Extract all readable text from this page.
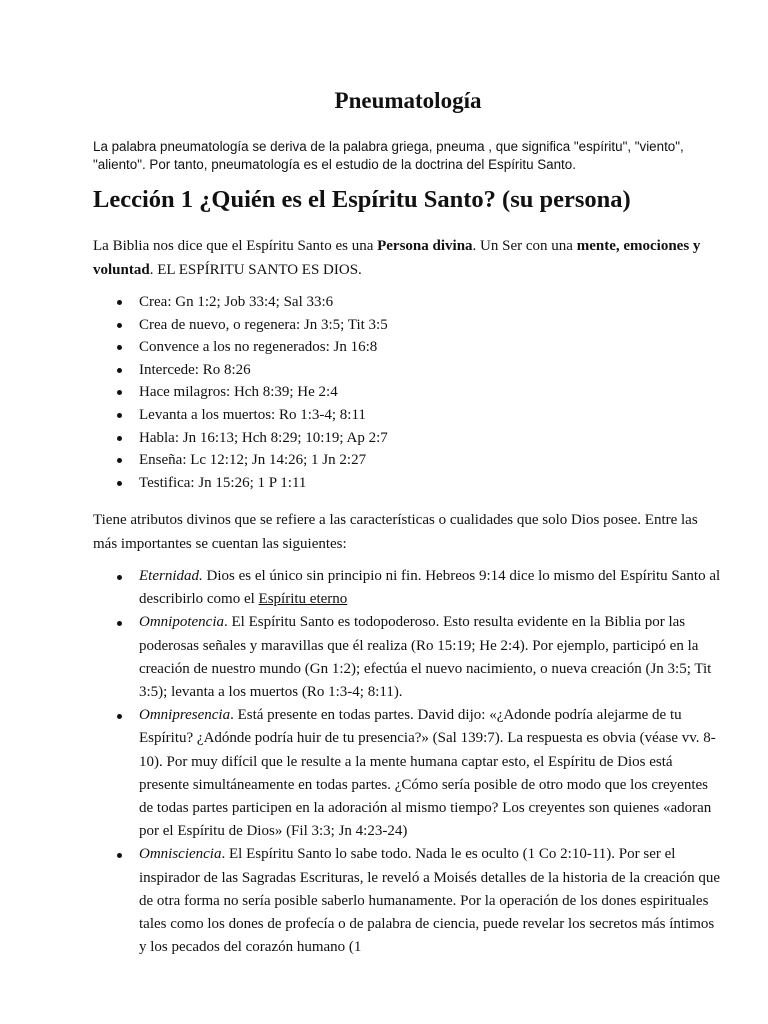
Pneumatología

La palabra pneumatología se deriva de la palabra griega, pneuma , que significa "espíritu", "viento", "aliento". Por tanto, pneumatología es el estudio de la doctrina del Espíritu Santo.

Lección 1 ¿Quién es el Espíritu Santo? (su persona)

La Biblia nos dice que el Espíritu Santo es una Persona divina. Un Ser con una mente, emociones y voluntad. EL ESPÍRITU SANTO ES DIOS.

Crea: Gn 1:2; Job 33:4; Sal 33:6
Crea de nuevo, o regenera: Jn 3:5; Tit 3:5
Convence a los no regenerados: Jn 16:8
Intercede: Ro 8:26
Hace milagros: Hch 8:39; He 2:4
Levanta a los muertos: Ro 1:3-4; 8:11
Habla: Jn 16:13; Hch 8:29; 10:19; Ap 2:7
Enseña: Lc 12:12; Jn 14:26; 1 Jn 2:27
Testifica: Jn 15:26; 1 P 1:11

Tiene atributos divinos que se refiere a las características o cualidades que solo Dios posee. Entre las más importantes se cuentan las siguientes:

Eternidad. Dios es el único sin principio ni fin. Hebreos 9:14 dice lo mismo del Espíritu Santo al describirlo como el Espíritu eterno
Omnipotencia. El Espíritu Santo es todopoderoso. Esto resulta evidente en la Biblia por las poderosas señales y maravillas que él realiza (Ro 15:19; He 2:4). Por ejemplo, participó en la creación de nuestro mundo (Gn 1:2); efectúa el nuevo nacimiento, o nueva creación (Jn 3:5; Tit 3:5); levanta a los muertos (Ro 1:3-4; 8:11).
Omnipresencia. Está presente en todas partes. David dijo: «¿Adonde podría alejarme de tu Espíritu? ¿Adónde podría huir de tu presencia?» (Sal 139:7). La respuesta es obvia (véase vv. 8-10). Por muy difícil que le resulte a la mente humana captar esto, el Espíritu de Dios está presente simultáneamente en todas partes. ¿Cómo sería posible de otro modo que los creyentes de todas partes participen en la adoración al mismo tiempo? Los creyentes son quienes «adoran por el Espíritu de Dios» (Fil 3:3; Jn 4:23-24)
Omnisciencia. El Espíritu Santo lo sabe todo. Nada le es oculto (1 Co 2:10-11). Por ser el inspirador de las Sagradas Escrituras, le reveló a Moisés detalles de la historia de la creación que de otra forma no sería posible saberlo humanamente. Por la operación de los dones espirituales tales como los dones de profecía o de palabra de ciencia, puede revelar los secretos más íntimos y los pecados del corazón humano (1
